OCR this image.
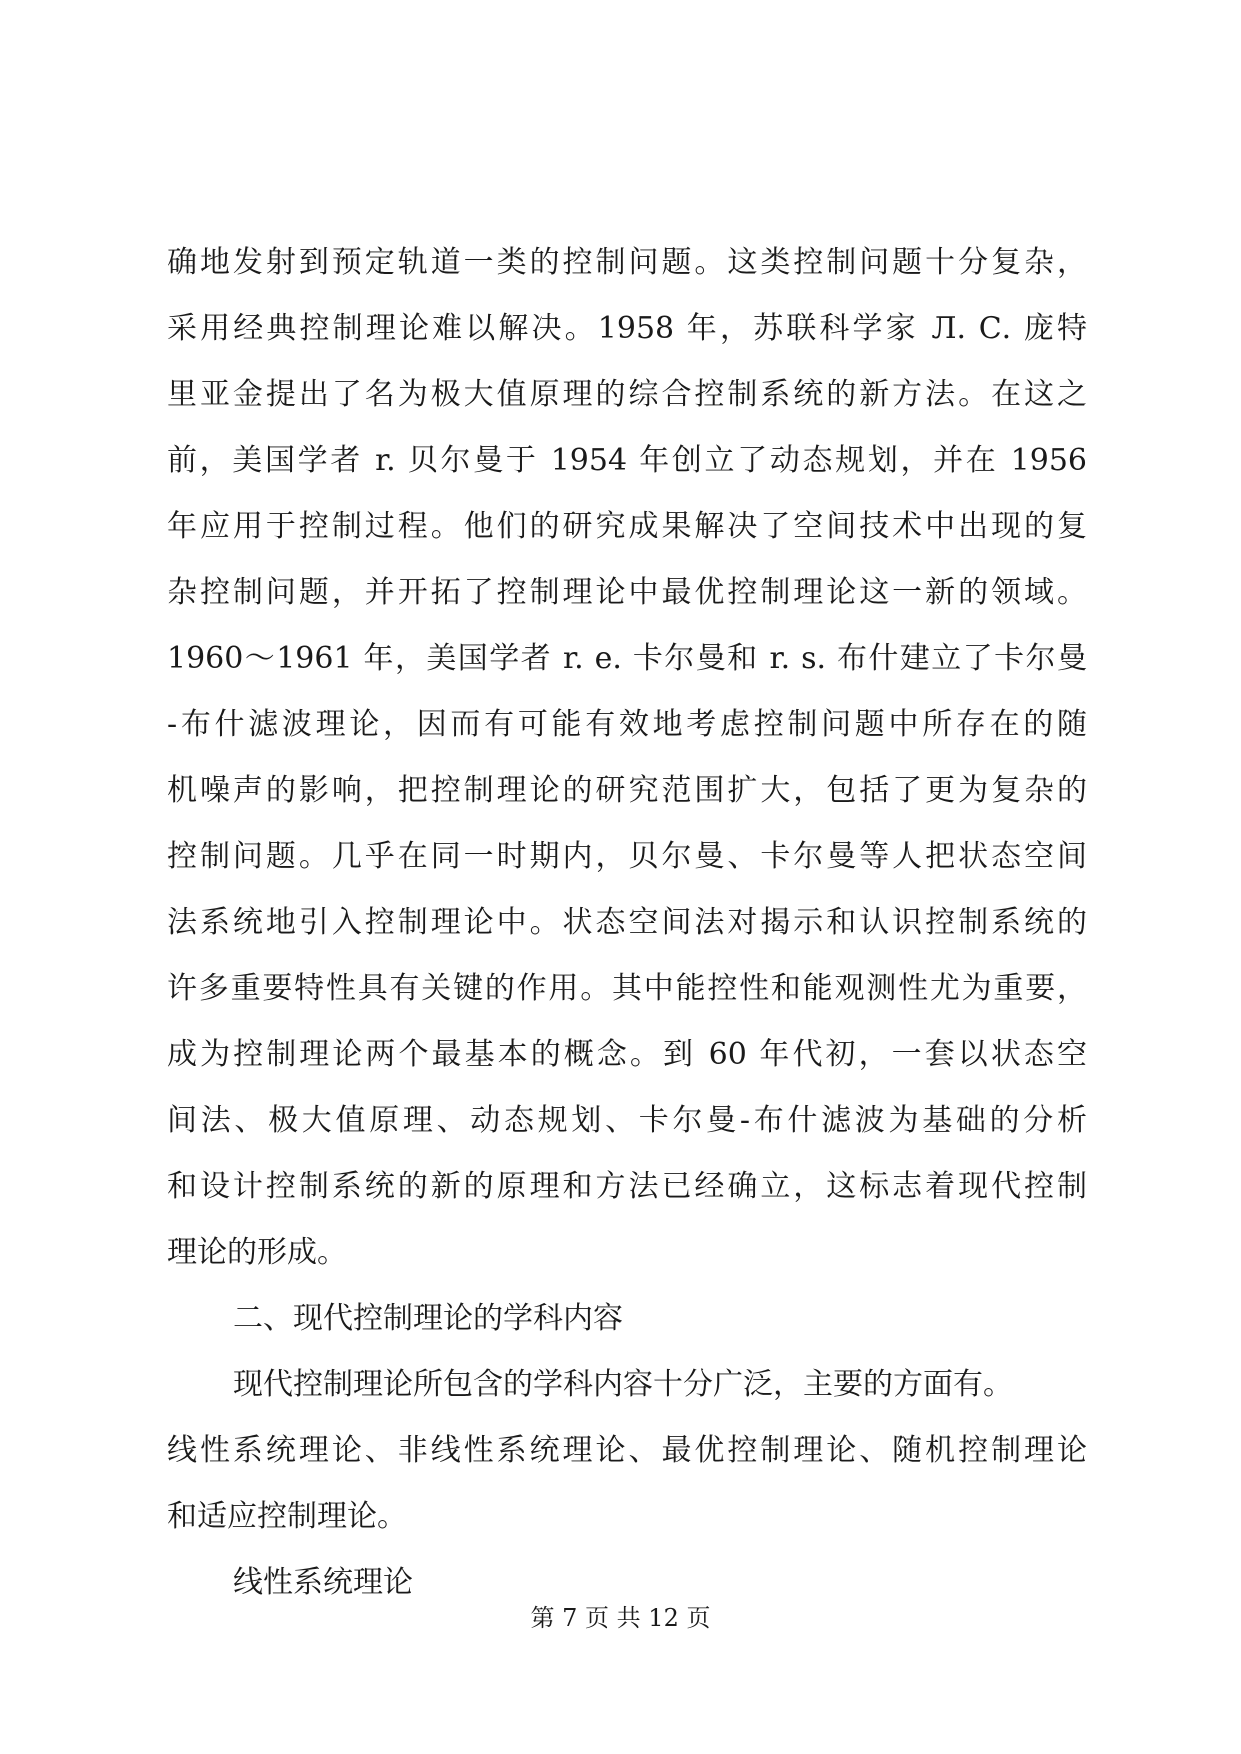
确地发射到预定轨道一类的控制问题。这类控制问题十分复杂，
采用经典控制理论难以解决。1958 年，苏联科学家 Л. С. 庞特
里亚金提出了名为极大值原理的综合控制系统的新方法。在这之
前，美国学者 r. 贝尔曼于 1954 年创立了动态规划，并在 1956
年应用于控制过程。他们的研究成果解决了空间技术中出现的复
杂控制问题，并开拓了控制理论中最优控制理论这一新的领域。
1960～1961 年，美国学者 r. e. 卡尔曼和 r. s. 布什建立了卡尔曼
-布什滤波理论，因而有可能有效地考虑控制问题中所存在的随
机噪声的影响，把控制理论的研究范围扩大，包括了更为复杂的
控制问题。几乎在同一时期内，贝尔曼、卡尔曼等人把状态空间
法系统地引入控制理论中。状态空间法对揭示和认识控制系统的
许多重要特性具有关键的作用。其中能控性和能观测性尤为重要，
成为控制理论两个最基本的概念。到 60 年代初，一套以状态空
间法、极大值原理、动态规划、卡尔曼-布什滤波为基础的分析
和设计控制系统的新的原理和方法已经确立，这标志着现代控制
理论的形成。
二、现代控制理论的学科内容
现代控制理论所包含的学科内容十分广泛，主要的方面有。
线性系统理论、非线性系统理论、最优控制理论、随机控制理论
和适应控制理论。
线性系统理论
第 7 页 共 12 页
